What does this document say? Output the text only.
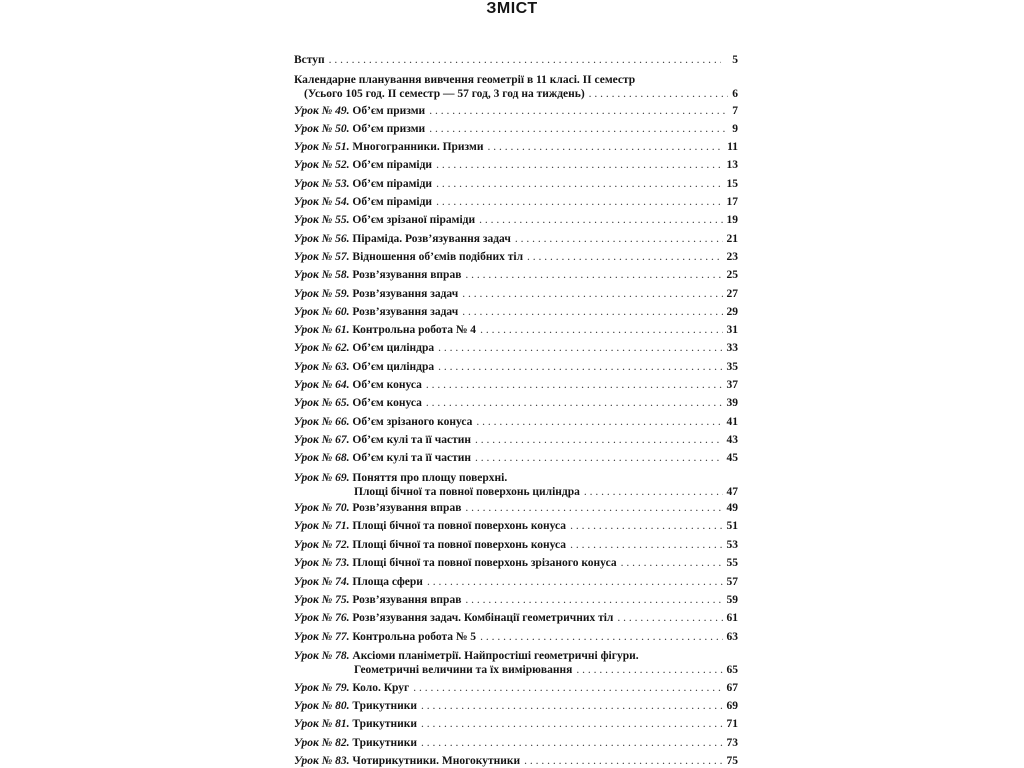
ЗМІСТ
Вступ . . .	5
Календарне планування вивчення геометрії в 11 класі. ІІ семестр
(Усього 105 год. ІІ семестр — 57 год, 3 год на тиждень) . . .	6
Урок № 49. Об’єм призми . . .	7
Урок № 50. Об’єм призми . . .	9
Урок № 51. Многогранники. Призми . . .	11
Урок № 52. Об’єм піраміди . . .	13
Урок № 53. Об’єм піраміди . . .	15
Урок № 54. Об’єм піраміди . . .	17
Урок № 55. Об’єм зрізаної піраміди . . .	19
Урок № 56. Піраміда. Розв’язування задач . . .	21
Урок № 57. Відношення об’ємів подібних тіл . . .	23
Урок № 58. Розв’язування вправ . . .	25
Урок № 59. Розв’язування задач . . .	27
Урок № 60. Розв’язування задач . . .	29
Урок № 61. Контрольна робота № 4 . . .	31
Урок № 62. Об’єм циліндра . . .	33
Урок № 63. Об’єм циліндра . . .	35
Урок № 64. Об’єм конуса . . .	37
Урок № 65. Об’єм конуса . . .	39
Урок № 66. Об’єм зрізаного конуса . . .	41
Урок № 67. Об’єм кулі та її частин . . .	43
Урок № 68. Об’єм кулі та її частин . . .	45
Урок № 69. Поняття про площу поверхні.
Площі бічної та повної поверхонь циліндра . . .	47
Урок № 70. Розв’язування вправ . . .	49
Урок № 71. Площі бічної та повної поверхонь конуса . . .	51
Урок № 72. Площі бічної та повної поверхонь конуса . . .	53
Урок № 73. Площі бічної та повної поверхонь зрізаного конуса . . .	55
Урок № 74. Площа сфери . . .	57
Урок № 75. Розв’язування вправ . . .	59
Урок № 76. Розв’язування задач. Комбінації геометричних тіл . . .	61
Урок № 77. Контрольна робота № 5 . . .	63
Урок № 78. Аксіоми планіметрії. Найпростіші геометричні фігури.
Геометричні величини та їх вимірювання . . .	65
Урок № 79. Коло. Круг . . .	67
Урок № 80. Трикутники . . .	69
Урок № 81. Трикутники . . .	71
Урок № 82. Трикутники . . .	73
Урок № 83. Чотирикутники. Многокутники . . .	75
